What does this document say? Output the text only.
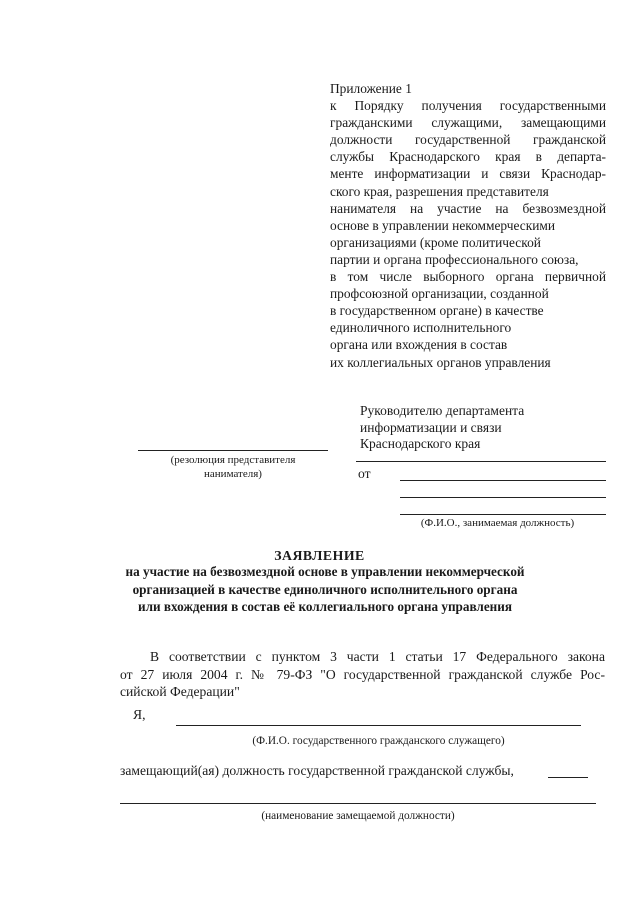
Приложение 1
к Порядку получения государственными
гражданскими служащими, замещающими
должности государственной гражданской
службы Краснодарского края в департа-
менте информатизации и связи Краснодар-
ского края, разрешения представителя
нанимателя на участие на безвозмездной
основе в управлении некоммерческими
организациями (кроме политической
партии и органа профессионального союза,
в том числе выборного органа первичной
профсоюзной организации, созданной
в государственном органе) в качестве
единоличного исполнительного
органа или вхождения в состав
их коллегиальных органов управления
Руководителю департамента
информатизации и связи
Краснодарского края
от
(Ф.И.О., занимаемая должность)
(резолюция представителя
нанимателя)
ЗАЯВЛЕНИЕ
на участие на безвозмездной основе в управлении некоммерческой организацией в качестве единоличного исполнительного органа или вхождения в состав её коллегиального органа управления
В соответствии с пунктом 3 части 1 статьи 17 Федерального закона
от 27 июля 2004 г. № 79-ФЗ "О государственной гражданской службе Рос-
сийской Федерации"
Я,
(Ф.И.О. государственного гражданского служащего)
замещающий(ая) должность государственной гражданской службы,
(наименование замещаемой должности)
